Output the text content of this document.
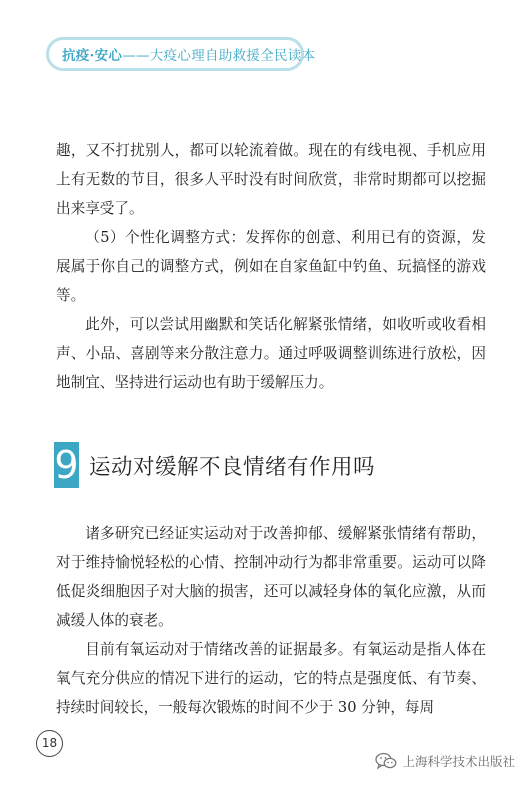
抗疫·安心 ——大疫心理自助救援全民读本

趣，又不打扰别人，都可以轮流着做。现在的有线电视、手机应用上有无数的节目，很多人平时没有时间欣赏，非常时期都可以挖掘出来享受了。

（5）个性化调整方式：发挥你的创意、利用已有的资源，发展属于你自己的调整方式，例如在自家鱼缸中钓鱼、玩搞怪的游戏等。

此外，可以尝试用幽默和笑话化解紧张情绪，如收听或收看相声、小品、喜剧等来分散注意力。通过呼吸调整训练进行放松，因地制宜、坚持进行运动也有助于缓解压力。

9 运动对缓解不良情绪有作用吗

诸多研究已经证实运动对于改善抑郁、缓解紧张情绪有帮助，对于维持愉悦轻松的心情、控制冲动行为都非常重要。运动可以降低促炎细胞因子对大脑的损害，还可以减轻身体的氧化应激，从而减缓人体的衰老。

目前有氧运动对于情绪改善的证据最多。有氧运动是指人体在氧气充分供应的情况下进行的运动，它的特点是强度低、有节奏、持续时间较长，一般每次锻炼的时间不少于 30 分钟，每周

18
上海科学技术出版社
